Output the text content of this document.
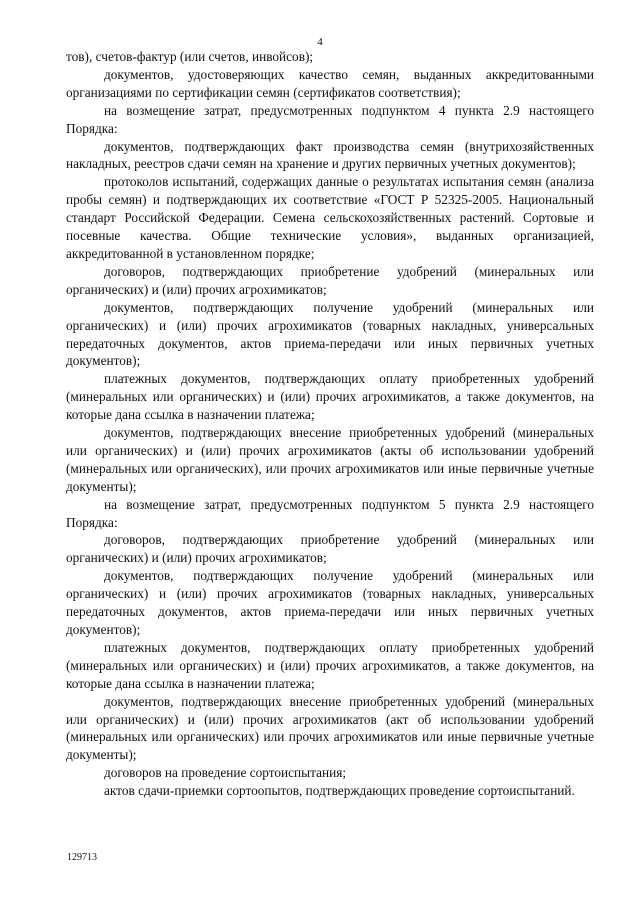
4

тов), счетов-фактур (или счетов, инвойсов);

документов, удостоверяющих качество семян, выданных аккредитованными организациями по сертификации семян (сертификатов соответствия);

на возмещение затрат, предусмотренных подпунктом 4 пункта 2.9 настоящего Порядка:

документов, подтверждающих факт производства семян (внутрихозяйственных накладных, реестров сдачи семян на хранение и других первичных учетных документов);

протоколов испытаний, содержащих данные о результатах испытания семян (анализа пробы семян) и подтверждающих их соответствие «ГОСТ Р 52325-2005. Национальный стандарт Российской Федерации. Семена сельскохозяйственных растений. Сортовые и посевные качества. Общие технические условия», выданных организацией, аккредитованной в установленном порядке;

договоров, подтверждающих приобретение удобрений (минеральных или органических) и (или) прочих агрохимикатов;

документов, подтверждающих получение удобрений (минеральных или органических) и (или) прочих агрохимикатов (товарных накладных, универсальных передаточных документов, актов приема-передачи или иных первичных учетных документов);

платежных документов, подтверждающих оплату приобретенных удобрений (минеральных или органических) и (или) прочих агрохимикатов, а также документов, на которые дана ссылка в назначении платежа;

документов, подтверждающих внесение приобретенных удобрений (минеральных или органических) и (или) прочих агрохимикатов (акты об использовании удобрений (минеральных или органических), или прочих агрохимикатов или иные первичные учетные документы);

на возмещение затрат, предусмотренных подпунктом 5 пункта 2.9 настоящего Порядка:

договоров, подтверждающих приобретение удобрений (минеральных или органических) и (или) прочих агрохимикатов;

документов, подтверждающих получение удобрений (минеральных или органических) и (или) прочих агрохимикатов (товарных накладных, универсальных передаточных документов, актов приема-передачи или иных первичных учетных документов);

платежных документов, подтверждающих оплату приобретенных удобрений (минеральных или органических) и (или) прочих агрохимикатов, а также документов, на которые дана ссылка в назначении платежа;

документов, подтверждающих внесение приобретенных удобрений (минеральных или органических) и (или) прочих агрохимикатов (акт об использовании удобрений (минеральных или органических) или прочих агрохимикатов или иные первичные учетные документы);

договоров на проведение сортоиспытания;

актов сдачи-приемки сортоопытов, подтверждающих проведение сортоиспытаний.

129713
